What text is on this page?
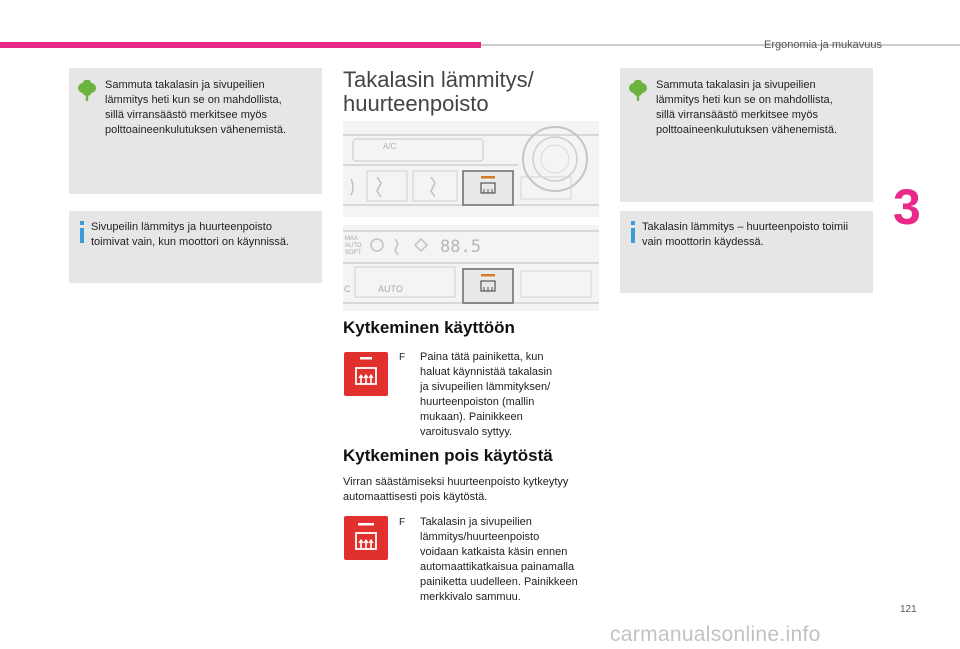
Ergonomia ja mukavuus
3
Sammuta takalasin ja sivupeilien
lämmitys heti kun se on mahdollista,
sillä virransäästö merkitsee myös
polttoaineenkulutuksen vähenemistä.
Sivupeilin lämmitys ja huurteenpoisto
toimivat vain, kun moottori on käynnissä.
Takalasin lämmitys/
huurteenpoisto
A/C
MAX
AUTO
SOFT	88.5
AUTO
C
Kytkeminen käyttöön
F Paina tätä painiketta, kun
haluat käynnistää takalasin
ja sivupeilien lämmityksen/
huurteenpoiston (mallin
mukaan). Painikkeen
varoitusvalo syttyy.
Kytkeminen pois käytöstä
Virran säästämiseksi huurteenpoisto kytkeytyy
automaattisesti pois käytöstä.
F Takalasin ja sivupeilien
lämmitys/huurteenpoisto
voidaan katkaista käsin ennen
automaattikatkaisua painamalla
painiketta uudelleen. Painikkeen
merkkivalo sammuu.
Sammuta takalasin ja sivupeilien
lämmitys heti kun se on mahdollista,
sillä virransäästö merkitsee myös
polttoaineenkulutuksen vähenemistä.
Takalasin lämmitys – huurteenpoisto toimii
vain moottorin käydessä.
121
carmanualsonline.info
